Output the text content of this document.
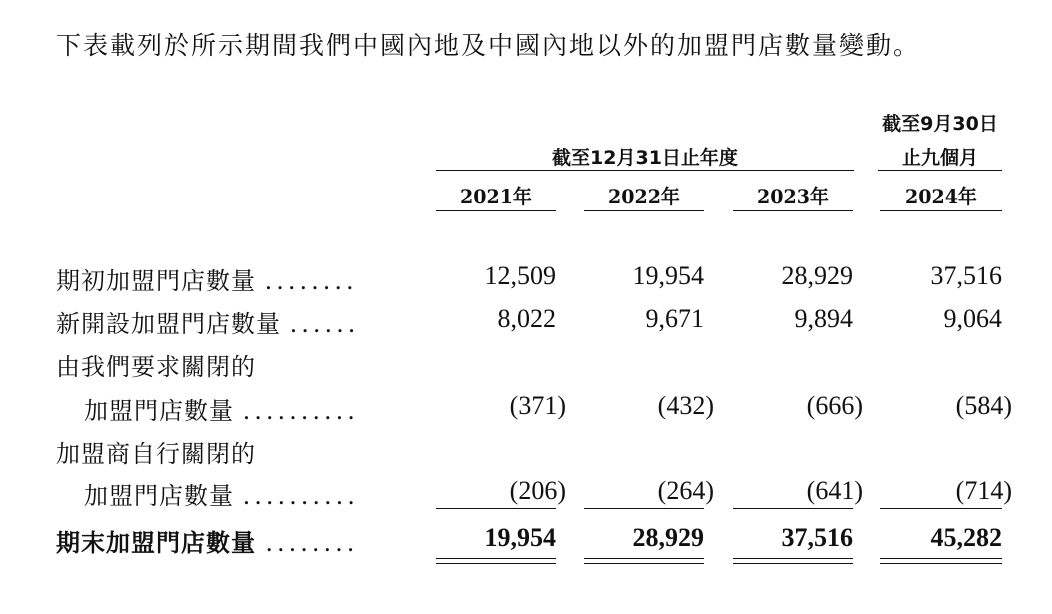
下表載列於所示期間我們中國內地及中國內地以外的加盟門店數量變動。
截至12月31日止年度
截至9月30日
止九個月
2021年	2022年	2023年	2024年
期初加盟門店數量 ........	12,509	19,954	28,929	37,516
新開設加盟門店數量 ......	8,022	9,671	9,894	9,064
由我們要求關閉的
加盟門店數量 ..........	(371)	(432)	(666)	(584)
加盟商自行關閉的
加盟門店數量 ..........	(206)	(264)	(641)	(714)
期末加盟門店數量 ........	19,954	28,929	37,516	45,282
